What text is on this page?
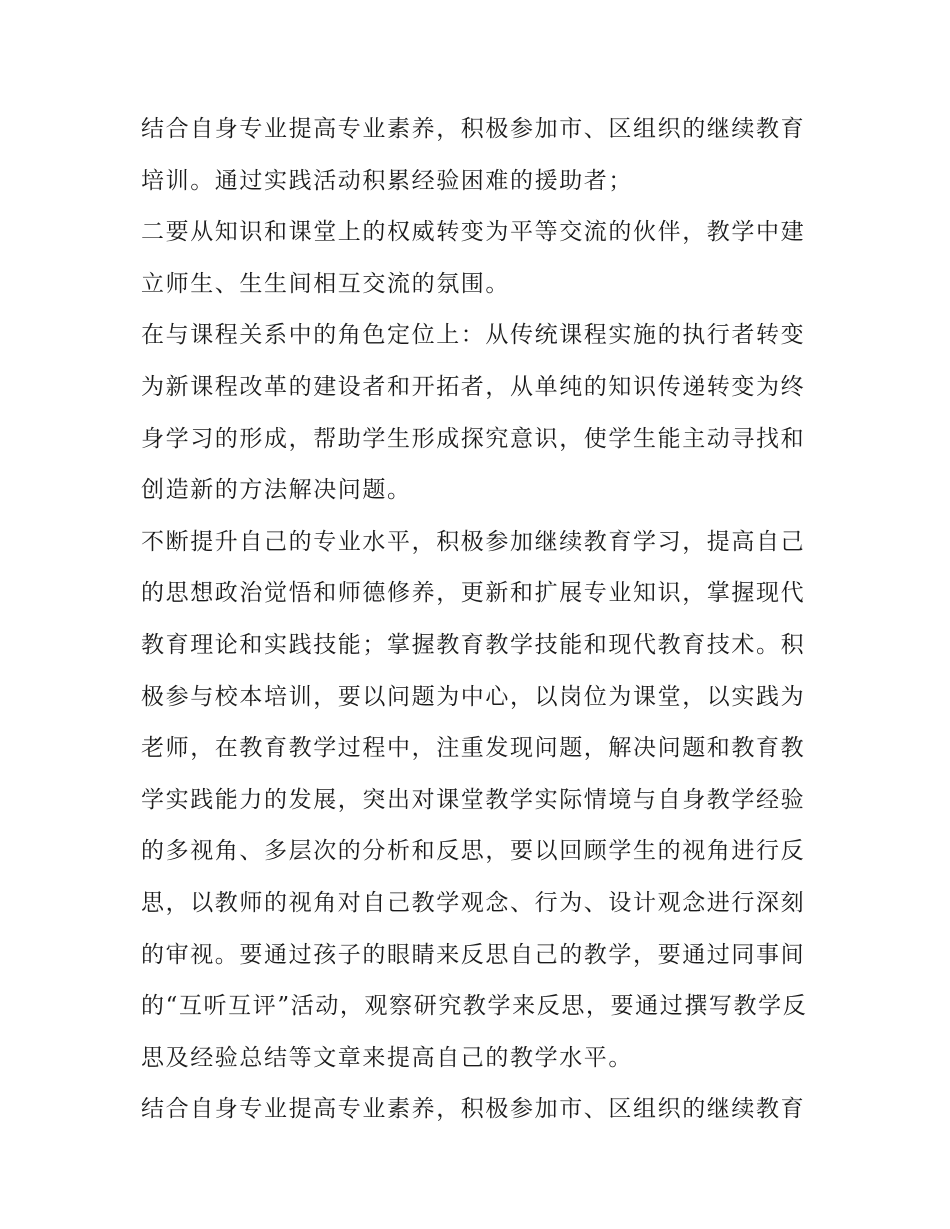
结合自身专业提高专业素养，积极参加市、区组织的继续教育
培训。通过实践活动积累经验困难的援助者；
二要从知识和课堂上的权威转变为平等交流的伙伴，教学中建
立师生、生生间相互交流的氛围。
在与课程关系中的角色定位上：从传统课程实施的执行者转变
为新课程改革的建设者和开拓者，从单纯的知识传递转变为终
身学习的形成，帮助学生形成探究意识，使学生能主动寻找和
创造新的方法解决问题。
不断提升自己的专业水平，积极参加继续教育学习，提高自己
的思想政治觉悟和师德修养，更新和扩展专业知识，掌握现代
教育理论和实践技能；掌握教育教学技能和现代教育技术。积
极参与校本培训，要以问题为中心，以岗位为课堂，以实践为
老师，在教育教学过程中，注重发现问题，解决问题和教育教
学实践能力的发展，突出对课堂教学实际情境与自身教学经验
的多视角、多层次的分析和反思，要以回顾学生的视角进行反
思，以教师的视角对自己教学观念、行为、设计观念进行深刻
的审视。要通过孩子的眼睛来反思自己的教学，要通过同事间
的“互听互评”活动，观察研究教学来反思，要通过撰写教学反
思及经验总结等文章来提高自己的教学水平。
结合自身专业提高专业素养，积极参加市、区组织的继续教育
